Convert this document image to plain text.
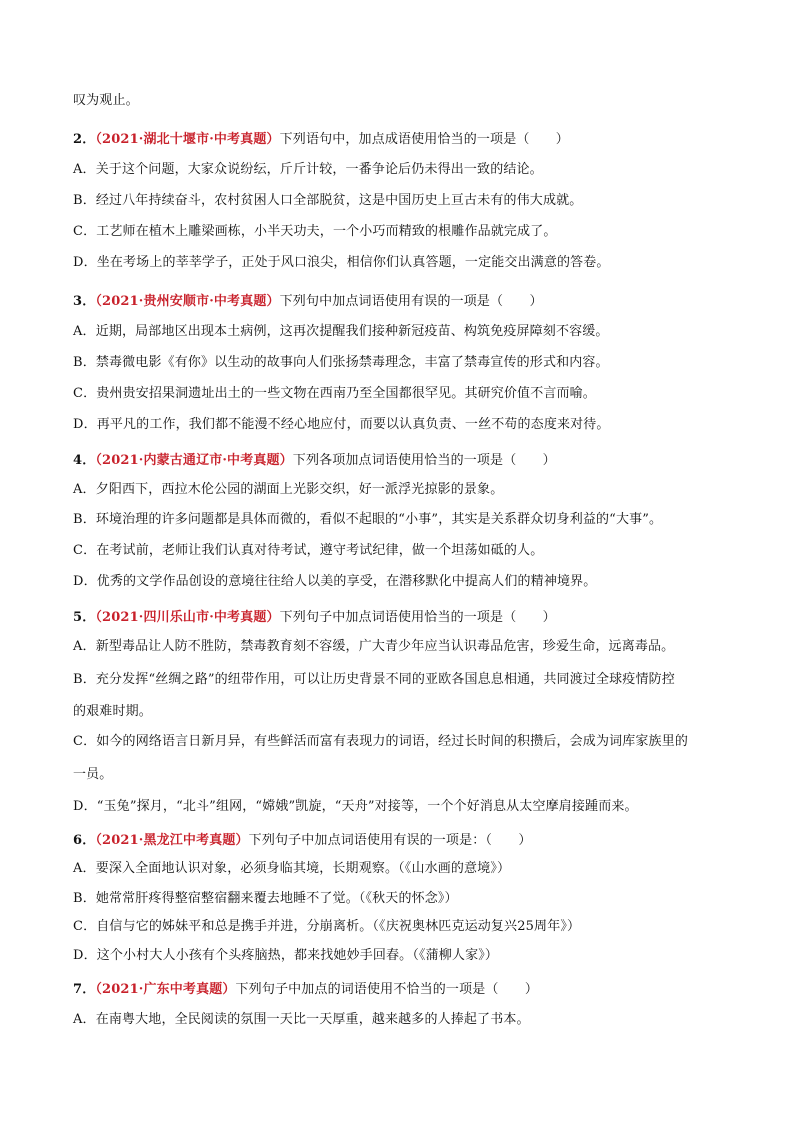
叹为观止。
2．（2021·湖北十堰市·中考真题）下列语句中，加点成语使用恰当的一项是（　　）
A．关于这个问题，大家众说纷纭，斤斤计较，一番争论后仍未得出一致的结论。
B．经过八年持续奋斗，农村贫困人口全部脱贫，这是中国历史上亘古未有的伟大成就。
C．工艺师在植木上雕梁画栋，小半天功夫，一个小巧而精致的根雕作品就完成了。
D．坐在考场上的莘莘学子，正处于风口浪尖，相信你们认真答题，一定能交出满意的答卷。
3．（2021·贵州安顺市·中考真题）下列句中加点词语使用有误的一项是（　　）
A．近期，局部地区出现本土病例，这再次提醒我们接种新冠疫苗、构筑免疫屏障刻不容缓。
B．禁毒微电影《有你》以生动的故事向人们张扬禁毒理念，丰富了禁毒宣传的形式和内容。
C．贵州贵安招果洞遗址出土的一些文物在西南乃至全国都很罕见。其研究价值不言而喻。
D．再平凡的工作，我们都不能漫不经心地应付，而要以认真负责、一丝不苟的态度来对待。
4．（2021·内蒙古通辽市·中考真题）下列各项加点词语使用恰当的一项是（　　）
A．夕阳西下，西拉木伦公园的湖面上光影交织，好一派浮光掠影的景象。
B．环境治理的许多问题都是具体而微的，看似不起眼的“小事”，其实是关系群众切身利益的“大事”。
C．在考试前，老师让我们认真对待考试，遵守考试纪律，做一个坦荡如砥的人。
D．优秀的文学作品创设的意境往往给人以美的享受，在潜移默化中提高人们的精神境界。
5．（2021·四川乐山市·中考真题）下列句子中加点词语使用恰当的一项是（　　）
A．新型毒品让人防不胜防，禁毒教育刻不容缓，广大青少年应当认识毒品危害，珍爱生命，远离毒品。
B．充分发挥“丝绸之路”的纽带作用，可以让历史背景不同的亚欧各国息息相通，共同渡过全球疫情防控
的艰难时期。
C．如今的网络语言日新月异，有些鲜活而富有表现力的词语，经过长时间的积攒后，会成为词库家族里的
一员。
D．“玉兔”探月，“北斗”组网，“嫦娥”凯旋，“天舟”对接等，一个个好消息从太空摩肩接踵而来。
6．（2021·黑龙江中考真题）下列句子中加点词语使用有误的一项是：（　　）
A．要深入全面地认识对象，必须身临其境，长期观察。（《山水画的意境》）
B．她常常肝疼得整宿整宿翻来覆去地睡不了觉。（《秋天的怀念》）
C．自信与它的姊妹平和总是携手并进，分崩离析。（《庆祝奥林匹克运动复兴25周年》）
D．这个小村大人小孩有个头疼脑热，都来找她妙手回春。（《蒲柳人家》）
7．（2021·广东中考真题）下列句子中加点的词语使用不恰当的一项是（　　）
A．在南粤大地，全民阅读的氛围一天比一天厚重，越来越多的人捧起了书本。
